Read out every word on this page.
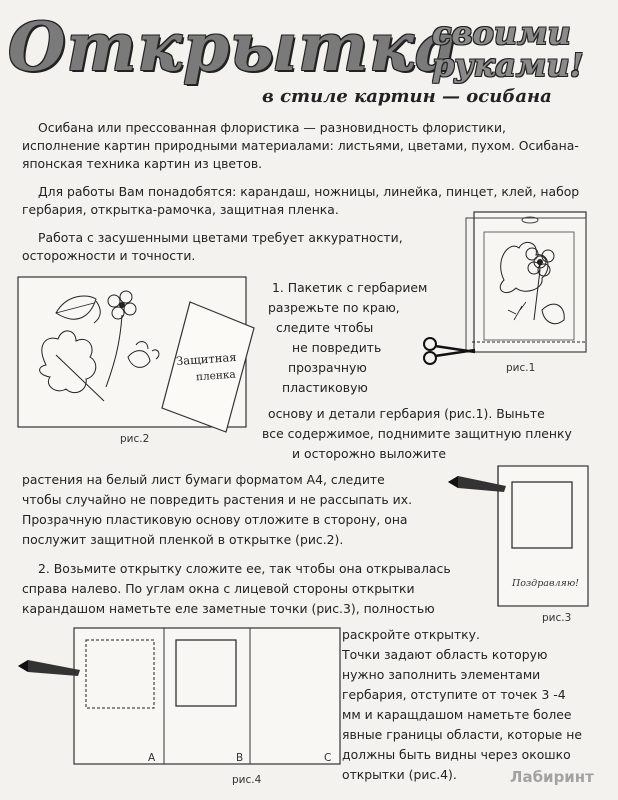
Открытка
своими
руками!
в стиле картин — осибана
Осибана или прессованная флористика — разновидность флористики,
исполнение картин природными материалами: листьями, цветами, пухом. Осибана-
японская техника картин из цветов.
Для работы Вам понадобятся: карандаш, ножницы, линейка, пинцет, клей, набор
гербария, открытка-рамочка, защитная пленка.
Работа с засушенными цветами требует аккуратности,
осторожности и точности.
рис.1
Защитная
пленка
рис.2
1. Пакетик с гербарием
разрежьте по краю,
следите чтобы
не повредить
прозрачную
пластиковую
основу и детали гербария (рис.1). Выньте
все содержимое, поднимите защитную пленку
и осторожно выложите
растения на белый лист бумаги форматом А4, следите
чтобы случайно не повредить растения и не рассыпать их.
Прозрачную пластиковую основу отложите в сторону, она
послужит защитной пленкой в открытке (рис.2).
Поздравляю!
рис.3
2. Возьмите открытку сложите ее, так чтобы она открывалась
справа налево. По углам окна с лицевой стороны открытки
карандашом наметьте еле заметные точки (рис.3), полностью
раскройте открытку.
Точки задают область которую
нужно заполнить элементами
гербария, отступите от точек 3 -4
мм и каращдашом наметьте более
явные границы области, которые не
должны быть видны через окошко
открытки (рис.4).
A	B	C
рис.4	Лабиринт
